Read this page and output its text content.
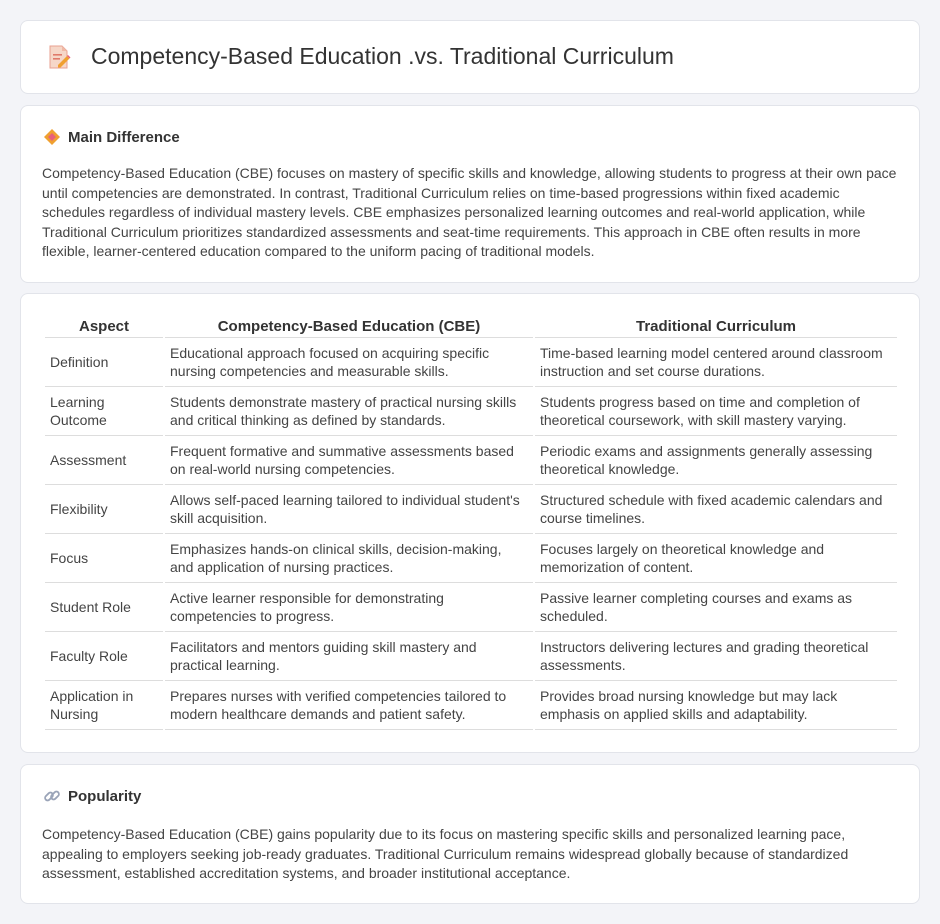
Competency-Based Education .vs. Traditional Curriculum
Main Difference

Competency-Based Education (CBE) focuses on mastery of specific skills and knowledge, allowing students to progress at their own pace until competencies are demonstrated. In contrast, Traditional Curriculum relies on time-based progressions within fixed academic schedules regardless of individual mastery levels. CBE emphasizes personalized learning outcomes and real-world application, while Traditional Curriculum prioritizes standardized assessments and seat-time requirements. This approach in CBE often results in more flexible, learner-centered education compared to the uniform pacing of traditional models.

Aspect	Competency-Based Education (CBE)	Traditional Curriculum
Definition	Educational approach focused on acquiring specific nursing competencies and measurable skills.	Time-based learning model centered around classroom instruction and set course durations.
Learning Outcome	Students demonstrate mastery of practical nursing skills and critical thinking as defined by standards.	Students progress based on time and completion of theoretical coursework, with skill mastery varying.
Assessment	Frequent formative and summative assessments based on real-world nursing competencies.	Periodic exams and assignments generally assessing theoretical knowledge.
Flexibility	Allows self-paced learning tailored to individual student's skill acquisition.	Structured schedule with fixed academic calendars and course timelines.
Focus	Emphasizes hands-on clinical skills, decision-making, and application of nursing practices.	Focuses largely on theoretical knowledge and memorization of content.
Student Role	Active learner responsible for demonstrating competencies to progress.	Passive learner completing courses and exams as scheduled.
Faculty Role	Facilitators and mentors guiding skill mastery and practical learning.	Instructors delivering lectures and grading theoretical assessments.
Application in Nursing	Prepares nurses with verified competencies tailored to modern healthcare demands and patient safety.	Provides broad nursing knowledge but may lack emphasis on applied skills and adaptability.
Popularity

Competency-Based Education (CBE) gains popularity due to its focus on mastering specific skills and personalized learning pace, appealing to employers seeking job-ready graduates. Traditional Curriculum remains widespread globally because of standardized assessment, established accreditation systems, and broader institutional acceptance.
